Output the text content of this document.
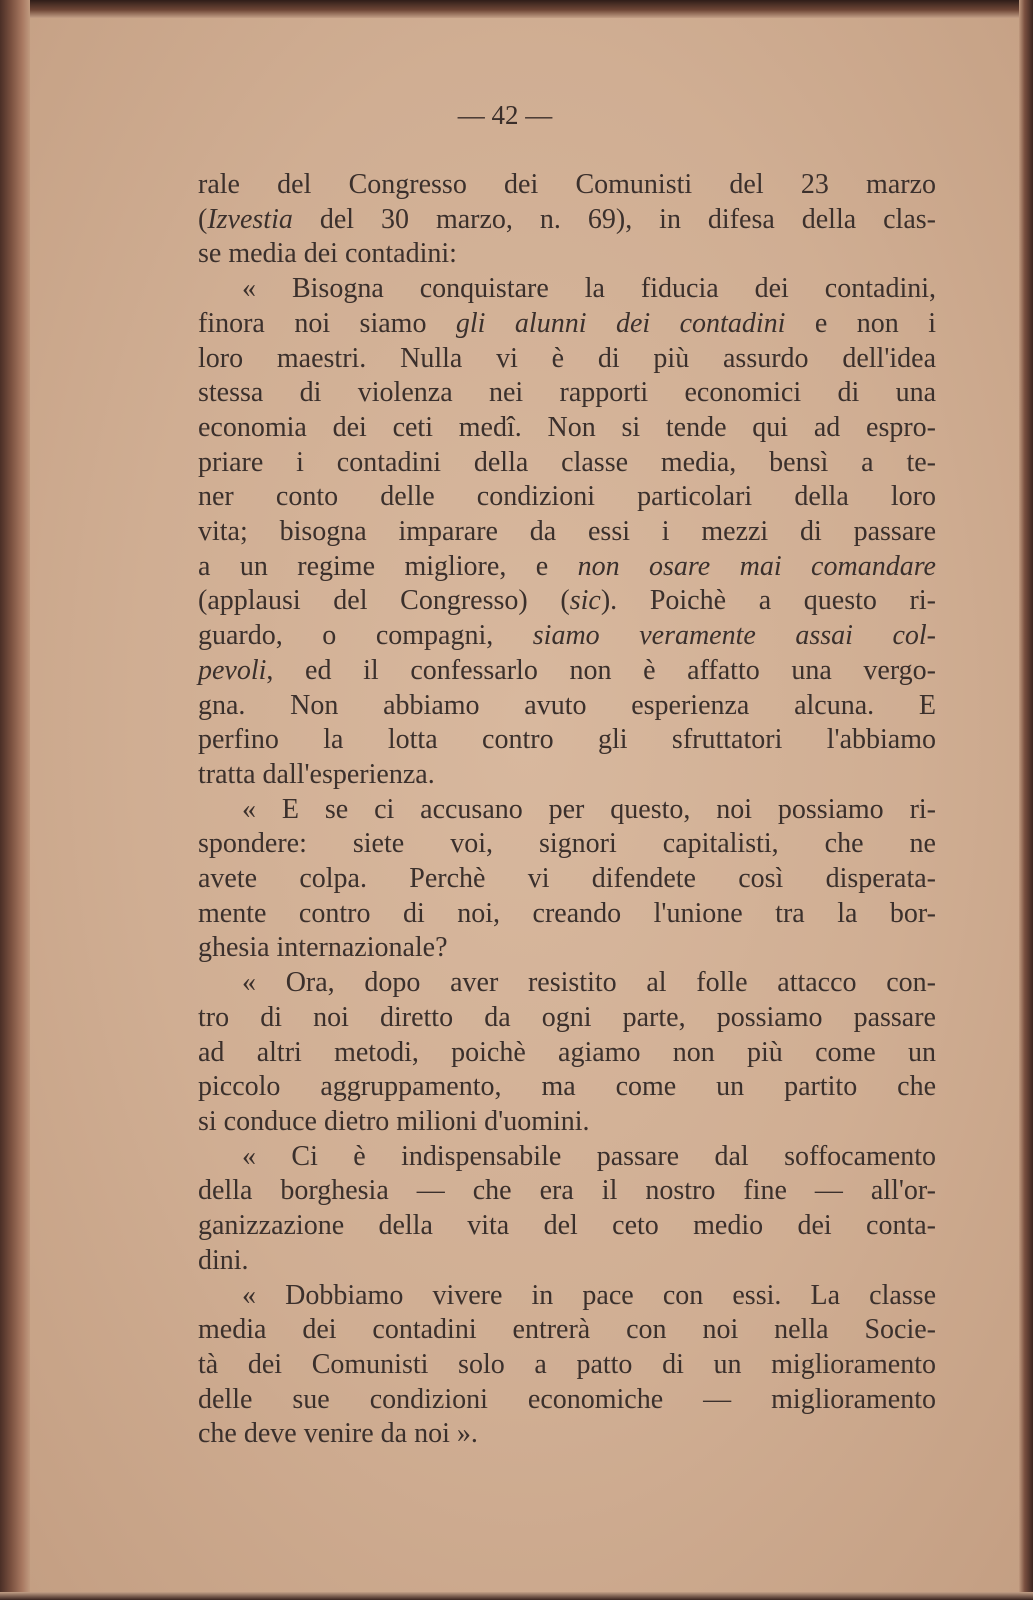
— 42 —
rale del Congresso dei Comunisti del 23 marzo
(Izvestia del 30 marzo, n. 69), in difesa della clas-
se media dei contadini:
« Bisogna conquistare la fiducia dei contadini,
finora noi siamo gli alunni dei contadini e non i
loro maestri. Nulla vi è di più assurdo dell'idea
stessa di violenza nei rapporti economici di una
economia dei ceti medî. Non si tende qui ad espro-
priare i contadini della classe media, bensì a te-
ner conto delle condizioni particolari della loro
vita; bisogna imparare da essi i mezzi di passare
a un regime migliore, e non osare mai comandare
(applausi del Congresso) (sic). Poichè a questo ri-
guardo, o compagni, siamo veramente assai col-
pevoli, ed il confessarlo non è affatto una vergo-
gna. Non abbiamo avuto esperienza alcuna. E
perfino la lotta contro gli sfruttatori l'abbiamo
tratta dall'esperienza.
« E se ci accusano per questo, noi possiamo ri-
spondere: siete voi, signori capitalisti, che ne
avete colpa. Perchè vi difendete così disperata-
mente contro di noi, creando l'unione tra la bor-
ghesia internazionale?
« Ora, dopo aver resistito al folle attacco con-
tro di noi diretto da ogni parte, possiamo passare
ad altri metodi, poichè agiamo non più come un
piccolo aggruppamento, ma come un partito che
si conduce dietro milioni d'uomini.
« Ci è indispensabile passare dal soffocamento
della borghesia — che era il nostro fine — all'or-
ganizzazione della vita del ceto medio dei conta-
dini.
« Dobbiamo vivere in pace con essi. La classe
media dei contadini entrerà con noi nella Socie-
tà dei Comunisti solo a patto di un miglioramento
delle sue condizioni economiche — miglioramento
che deve venire da noi ».
